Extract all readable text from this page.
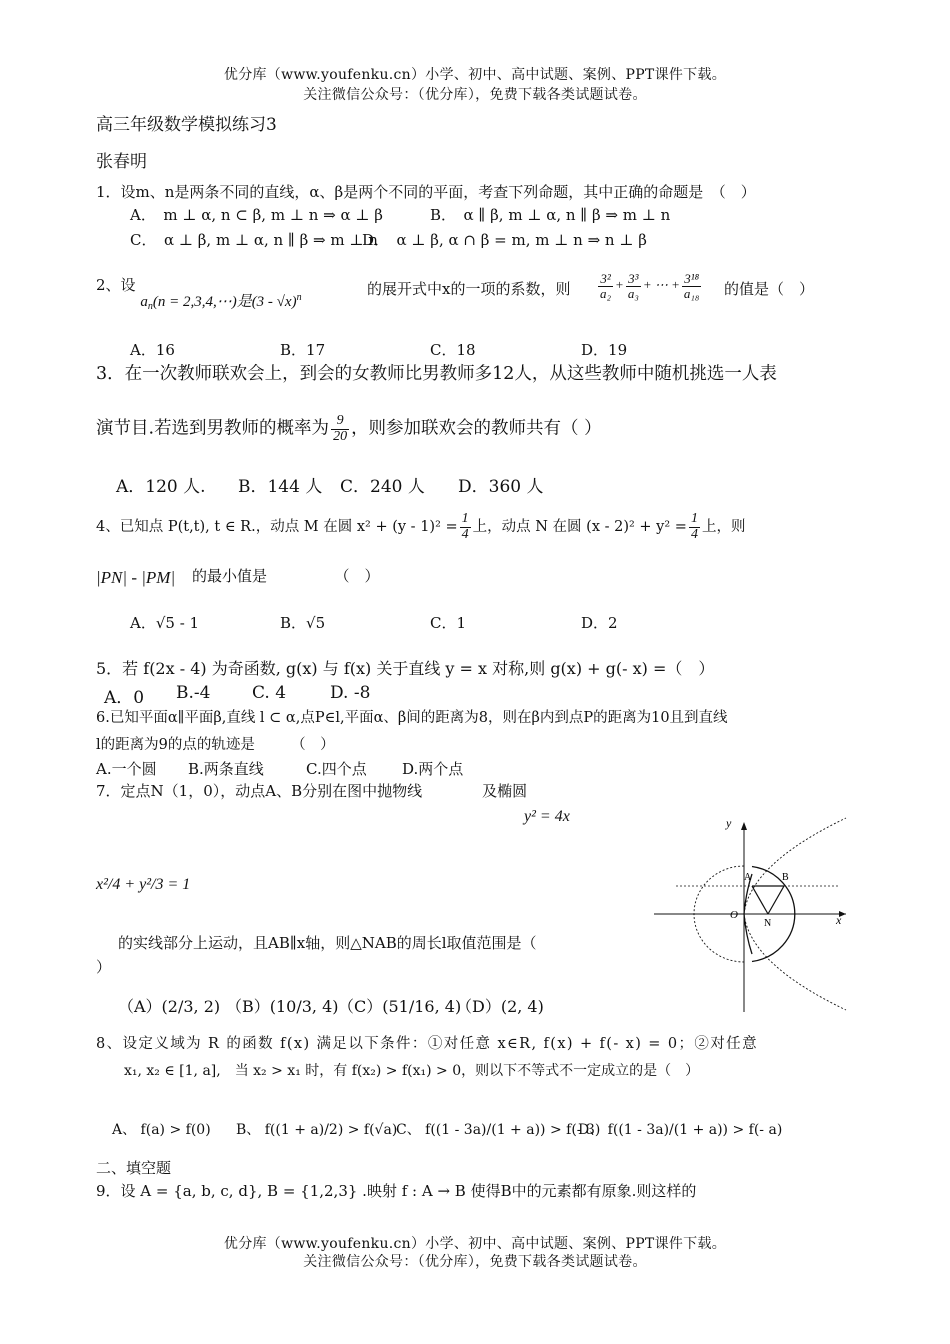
优分库（www.youfenku.cn）小学、初中、高中试题、案例、PPT课件下载。
关注微信公众号：（优分库），免费下载各类试题试卷。
高三年级数学模拟练习3
张春明
1．设m、n是两条不同的直线，α、β是两个不同的平面，考查下列命题，其中正确的命题是　（　）
A．　m ⊥ α, n ⊂ β, m ⊥ n ⇒ α ⊥ β	B．　α ∥ β, m ⊥ α, n ∥ β ⇒ m ⊥ n
C．　α ⊥ β, m ⊥ α, n ∥ β ⇒ m ⊥ n
D．　α ⊥ β, α ∩ β = m, m ⊥ n ⇒ n ⊥ β
2、设 $a_n(n$ = 2,3,4,⋯)是(3 - √x)$^n$	的展开式中x的一项的系数，则 $\frac{\text{3²}}{\text{a₂}} + \frac{\text{3³}}{\text{a₃}}$ + ⋯ + $\frac{\text{3¹⁸}}{\text{a₁₈}}$ 的值是（　）
A．16	B．17	C．18	D．19
3．在一次教师联欢会上，到会的女教师比男教师多12人，从这些教师中随机挑选一人表
演节目.若选到男教师的概率为 $\frac{9}{20}$ ，则参加联欢会的教师共有（ ）
A．120 人. B．144 人 C．240 人 D．360 人
4、已知点 P(t,t), t ∈ R.，动点 M 在圆 $x^2 + (y - 1)^2 = \frac{1}{4}$ 上，动点 N 在圆 $(x - 2)^2 + y^2 = \frac{1}{4}$ 上，则
|PN| - |PM| 的最小值是　　　　　（　）
A．√5 - 1	B．√5	C．1	D．2
5．若 f(2x - 4) 为奇函数, g(x) 与 f(x) 关于直线 y = x 对称,则 g(x) + g(- x) =（　）
A．0 B.-4 C. 4	D. -8
6.已知平面α∥平面β,直线 l ⊂ α,点P∈l,平面α、β间的距离为8，则在β内到点P的距离为10且到直线
l的距离为9的点的轨迹是　　　（　）
A.一个圆 B.两条直线	C.四个点 D.两个点
7．定点N（1，0），动点A、B分别在图中抛物线　　　　及椭圆
y² = 4x
x²/4 + y²/3 = 1
的实线部分上运动，且AB∥x轴，则△NAB的周长l取值范围是（
）
（A）(2/3, 2) （B）(10/3, 4) （C）(51/16, 4)
（D）(2, 4)
y
x
O
A	B
N
8、设定义域为 R 的函数 f(x) 满足以下条件：①对任意 x∈R, f(x) + f(- x) = 0；②对任意
x₁, x₂ ∈ [1, a],　当 x₂ > x₁ 时，有 f(x₂) > f(x₁) > 0，则以下不等式不一定成立的是（　）
A、 f(a) > f(0) B、 f((1 + a)/2) > f(√a)
C、 f((1 - 3a)/(1 + a)) > f(- 3)
D、 f((1 - 3a)/(1 + a)) > f(- a)
二、填空题
9．设 A = {a, b, c, d}, B = {1,2,3} .映射 f : A → B 使得B中的元素都有原象.则这样的
优分库（www.youfenku.cn）小学、初中、高中试题、案例、PPT课件下载。
关注微信公众号：（优分库），免费下载各类试题试卷。
